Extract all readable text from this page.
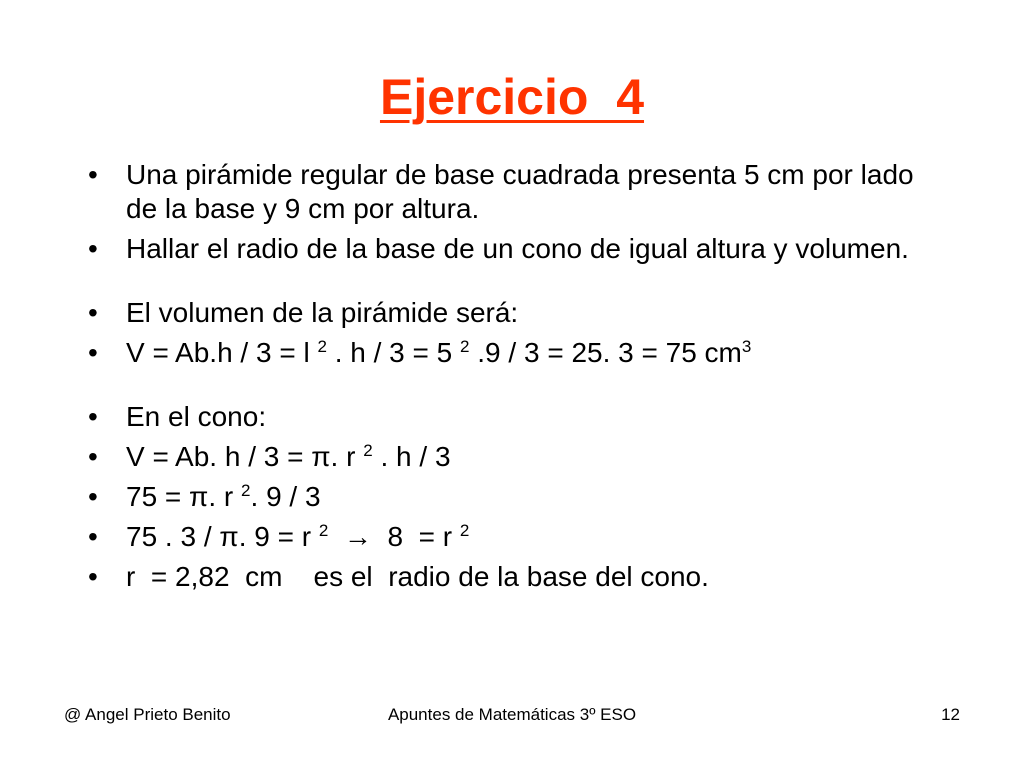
Ejercicio  4
• Una pirámide regular de base cuadrada presenta 5 cm por lado de la base y 9 cm por altura.
• Hallar el radio de la base de un cono de igual altura y volumen.
• El volumen de la pirámide será:
• V = Ab.h / 3 = l $^2$ . h / 3 = 5 $^2$ .9 / 3 = 25. 3 = 75 $cm^3$
• En el cono:
• V = Ab. h / 3 = π. r $^2$ . h / 3
• 75 = π. r $^2$. 9 / 3
• 75 . 3 / π. 9 = r $^2$ →  8  = r $^2$
• r  = 2,82  cm    es el  radio de la base del cono.
@ Angel Prieto Benito	Apuntes de Matemáticas 3º ESO	12
